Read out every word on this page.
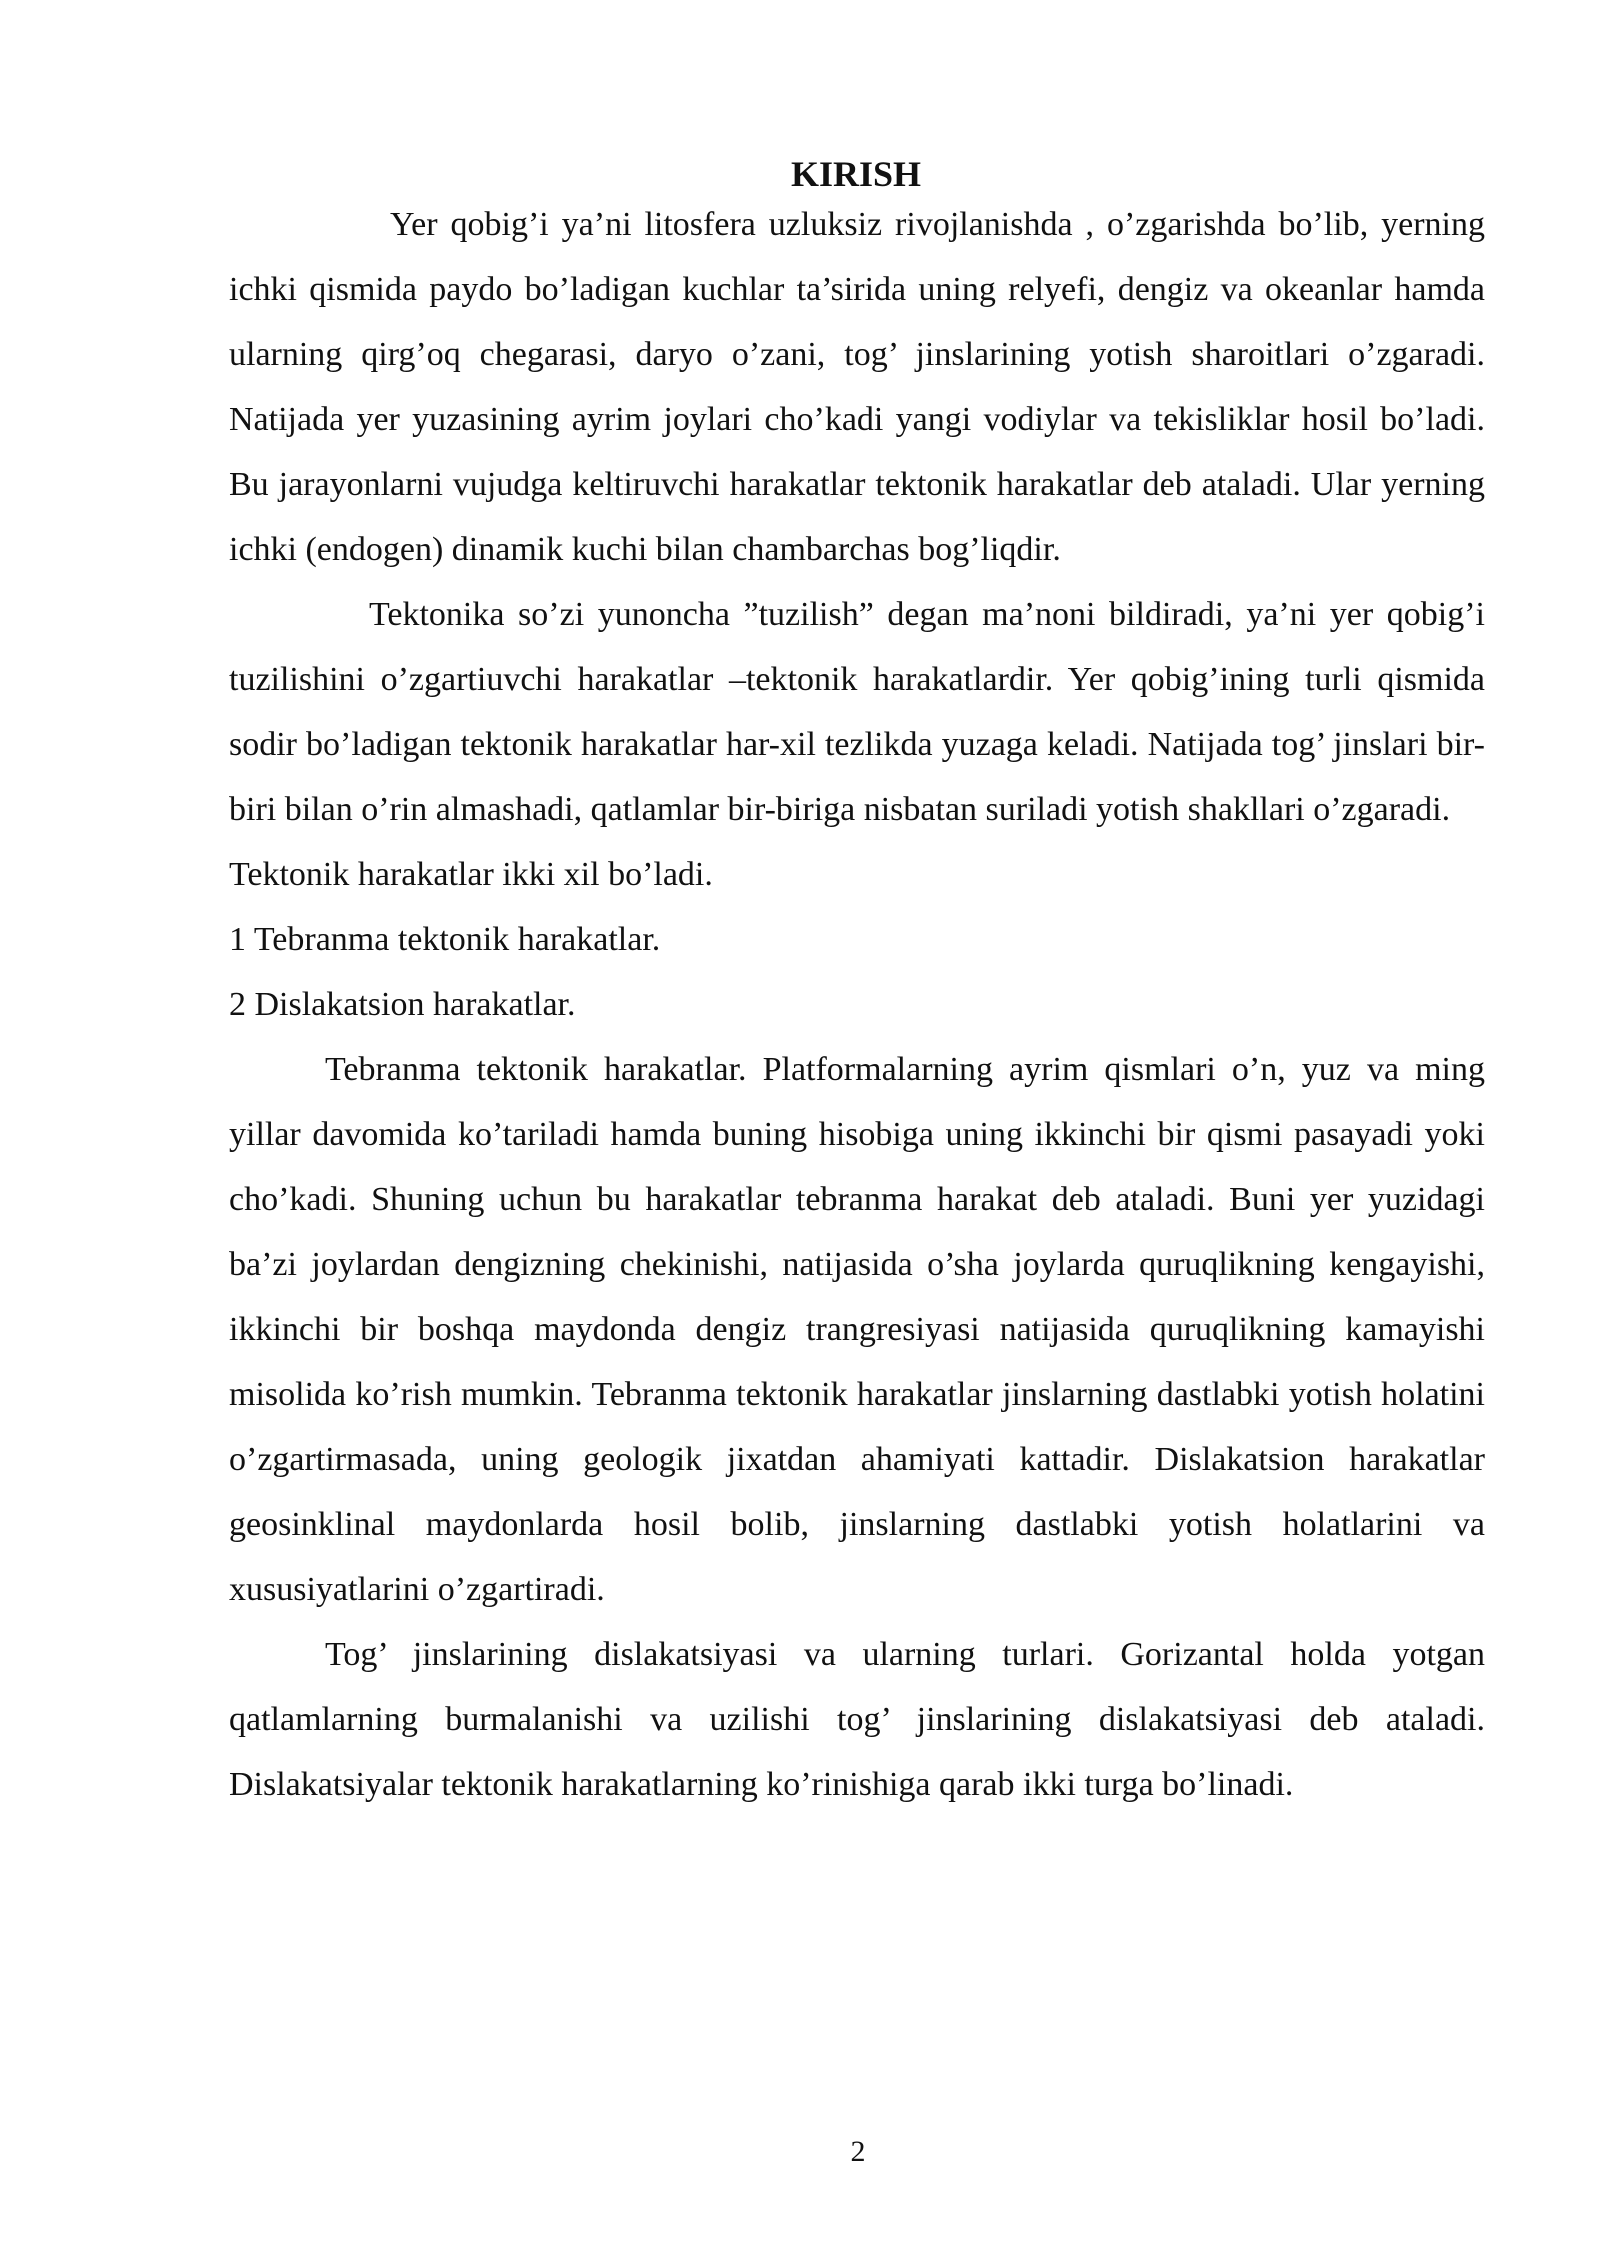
KIRISH

Yer qobig’i ya’ni litosfera uzluksiz rivojlanishda , o’zgarishda bo’lib, yerning ichki qismida paydo bo’ladigan kuchlar ta’sirida uning relyefi, dengiz va okeanlar hamda ularning qirg’oq chegarasi, daryo o’zani, tog’ jinslarining yotish sharoitlari o’zgaradi. Natijada yer yuzasining ayrim joylari cho’kadi yangi vodiylar va tekisliklar hosil bo’ladi. Bu jarayonlarni vujudga keltiruvchi harakatlar tektonik harakatlar deb ataladi. Ular yerning ichki (endogen) dinamik kuchi bilan chambarchas bog’liqdir.

Tektonika so’zi yunoncha ”tuzilish” degan ma’noni bildiradi, ya’ni yer qobig’i tuzilishini o’zgartiuvchi harakatlar –tektonik harakatlardir. Yer qobig’ining turli qismida sodir bo’ladigan tektonik harakatlar har-xil tezlikda yuzaga keladi. Natijada tog’ jinslari bir-biri bilan o’rin almashadi, qatlamlar bir-biriga nisbatan suriladi yotish shakllari o’zgaradi.

Tektonik harakatlar ikki xil bo’ladi.

1 Tebranma tektonik harakatlar.

2 Dislakatsion harakatlar.

Tebranma tektonik harakatlar. Platformalarning ayrim qismlari o’n, yuz va ming yillar davomida ko’tariladi hamda buning hisobiga uning ikkinchi bir qismi pasayadi yoki cho’kadi. Shuning uchun bu harakatlar tebranma harakat deb ataladi. Buni yer yuzidagi ba’zi joylardan dengizning chekinishi, natijasida o’sha joylarda quruqlikning kengayishi, ikkinchi bir boshqa maydonda dengiz trangresiyasi natijasida quruqlikning kamayishi misolida ko’rish mumkin. Tebranma tektonik harakatlar jinslarning dastlabki yotish holatini o’zgartirmasada, uning geologik jixatdan ahamiyati kattadir. Dislakatsion harakatlar geosinklinal maydonlarda hosil bolib, jinslarning dastlabki yotish holatlarini va xususiyatlarini o’zgartiradi.

Tog’ jinslarining dislakatsiyasi va ularning turlari. Gorizantal holda yotgan qatlamlarning burmalanishi va uzilishi tog’ jinslarining dislakatsiyasi deb ataladi. Dislakatsiyalar tektonik harakatlarning ko’rinishiga qarab ikki turga bo’linadi.

2
